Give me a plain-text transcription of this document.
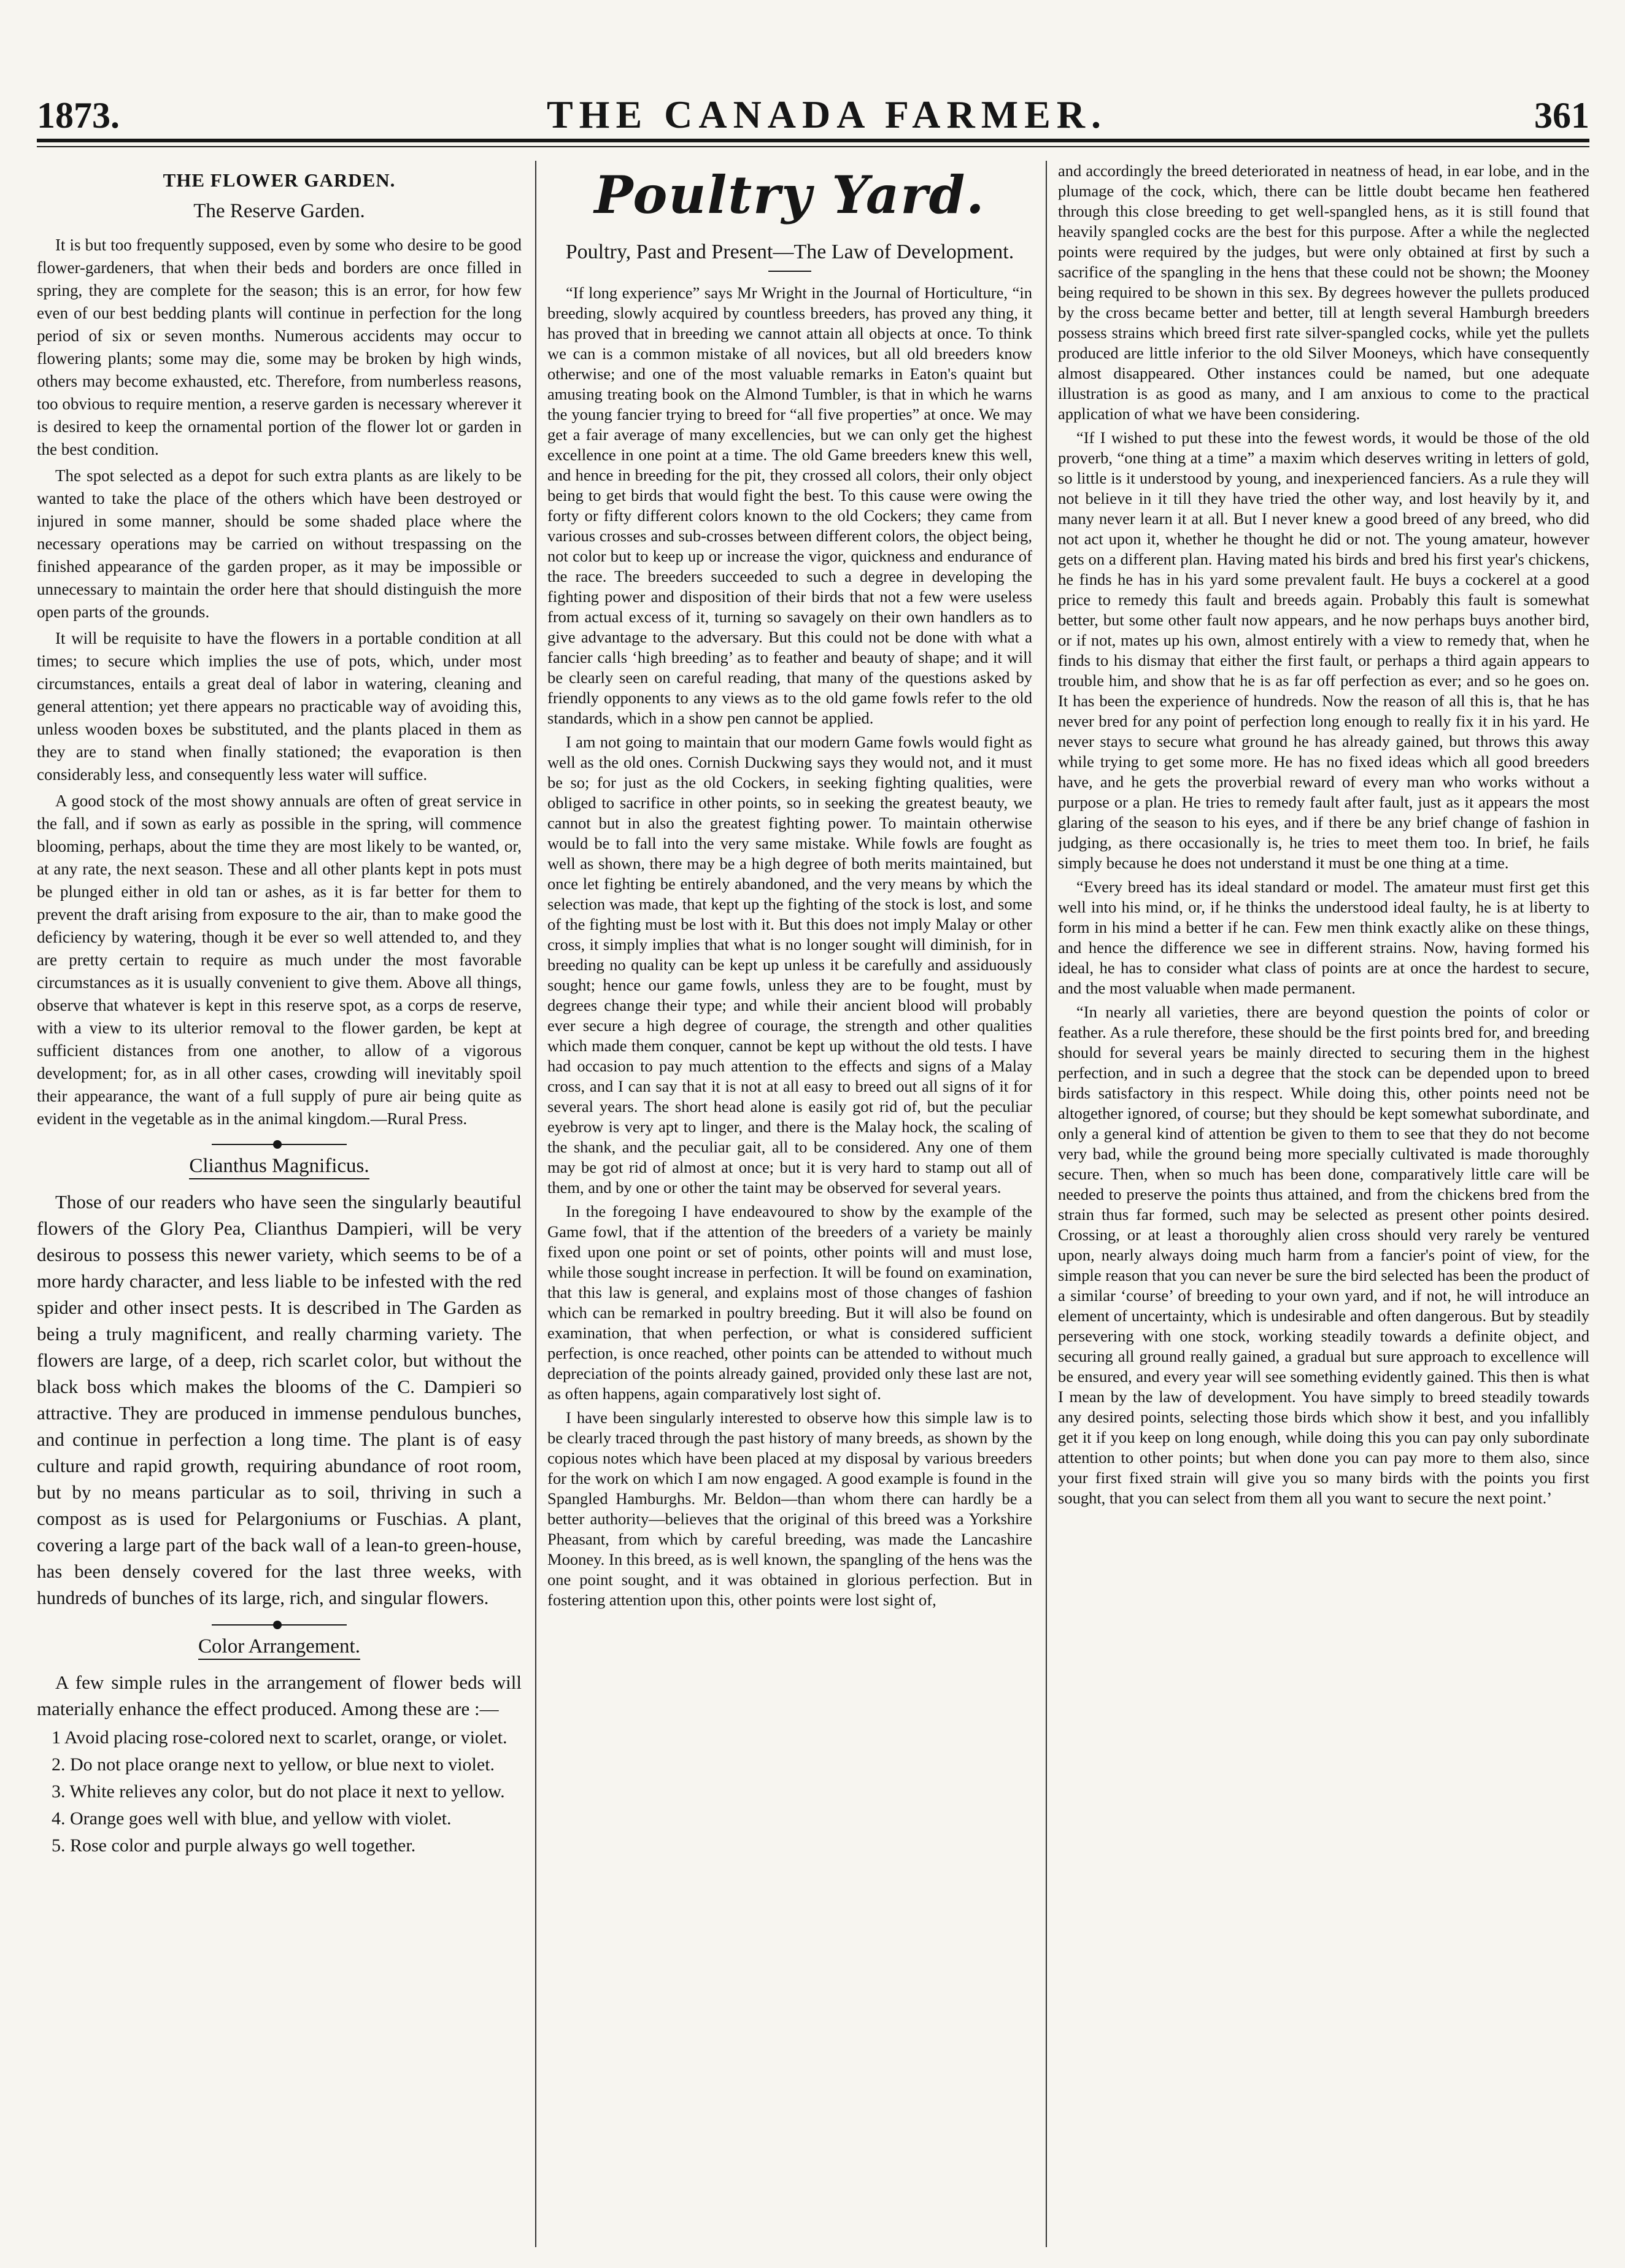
1873.	THE CANADA FARMER.	361
THE FLOWER GARDEN.
The Reserve Garden.

It is but too frequently supposed, even by some who desire to be good flower-gardeners, that when their beds and borders are once filled in spring, they are complete for the season; this is an error, for how few even of our best bedding plants will continue in perfection for the long period of six or seven months. Numerous accidents may occur to flowering plants; some may die, some may be broken by high winds, others may become exhausted, etc. Therefore, from numberless reasons, too obvious to require mention, a reserve garden is necessary wherever it is desired to keep the ornamental portion of the flower lot or garden in the best condition.

The spot selected as a depot for such extra plants as are likely to be wanted to take the place of the others which have been destroyed or injured in some manner, should be some shaded place where the necessary operations may be carried on without trespassing on the finished appearance of the garden proper, as it may be impossible or unnecessary to maintain the order here that should distinguish the more open parts of the grounds.

It will be requisite to have the flowers in a portable condition at all times; to secure which implies the use of pots, which, under most circumstances, entails a great deal of labor in watering, cleaning and general attention; yet there appears no practicable way of avoiding this, unless wooden boxes be substituted, and the plants placed in them as they are to stand when finally stationed; the evaporation is then considerably less, and consequently less water will suffice.

A good stock of the most showy annuals are often of great service in the fall, and if sown as early as possible in the spring, will commence blooming, perhaps, about the time they are most likely to be wanted, or, at any rate, the next season. These and all other plants kept in pots must be plunged either in old tan or ashes, as it is far better for them to prevent the draft arising from exposure to the air, than to make good the deficiency by watering, though it be ever so well attended to, and they are pretty certain to require as much under the most favorable circumstances as it is usually convenient to give them. Above all things, observe that whatever is kept in this reserve spot, as a corps de reserve, with a view to its ulterior removal to the flower garden, be kept at sufficient distances from one another, to allow of a vigorous development; for, as in all other cases, crowding will inevitably spoil their appearance, the want of a full supply of pure air being quite as evident in the vegetable as in the animal kingdom.—Rural Press.

Clianthus Magnificus.

Those of our readers who have seen the singularly beautiful flowers of the Glory Pea, Clianthus Dampieri, will be very desirous to possess this newer variety, which seems to be of a more hardy character, and less liable to be infested with the red spider and other insect pests. It is described in The Garden as being a truly magnificent, and really charming variety. The flowers are large, of a deep, rich scarlet color, but without the black boss which makes the blooms of the C. Dampieri so attractive. They are produced in immense pendulous bunches, and continue in perfection a long time. The plant is of easy culture and rapid growth, requiring abundance of root room, but by no means particular as to soil, thriving in such a compost as is used for Pelargoniums or Fuschias. A plant, covering a large part of the back wall of a lean-to green-house, has been densely covered for the last three weeks, with hundreds of bunches of its large, rich, and singular flowers.

Color Arrangement.

A few simple rules in the arrangement of flower beds will materially enhance the effect produced. Among these are :—

1 Avoid placing rose-colored next to scarlet, orange, or violet.
2. Do not place orange next to yellow, or blue next to violet.
3. White relieves any color, but do not place it next to yellow.
4. Orange goes well with blue, and yellow with violet.
5. Rose color and purple always go well together.
Poultry Yard.
Poultry, Past and Present—The Law of Development.

“If long experience” says Mr Wright in the Journal of Horticulture, “in breeding, slowly acquired by countless breeders, has proved any thing, it has proved that in breeding we cannot attain all objects at once. To think we can is a common mistake of all novices, but all old breeders know otherwise; and one of the most valuable remarks in Eaton's quaint but amusing treating book on the Almond Tumbler, is that in which he warns the young fancier trying to breed for “all five properties” at once. We may get a fair average of many excellencies, but we can only get the highest excellence in one point at a time. The old Game breeders knew this well, and hence in breeding for the pit, they crossed all colors, their only object being to get birds that would fight the best. To this cause were owing the forty or fifty different colors known to the old Cockers; they came from various crosses and sub-crosses between different colors, the object being, not color but to keep up or increase the vigor, quickness and endurance of the race. The breeders succeeded to such a degree in developing the fighting power and disposition of their birds that not a few were useless from actual excess of it, turning so savagely on their own handlers as to give advantage to the adversary. But this could not be done with what a fancier calls ‘high breeding’ as to feather and beauty of shape; and it will be clearly seen on careful reading, that many of the questions asked by friendly opponents to any views as to the old game fowls refer to the old standards, which in a show pen cannot be applied.

I am not going to maintain that our modern Game fowls would fight as well as the old ones. Cornish Duckwing says they would not, and it must be so; for just as the old Cockers, in seeking fighting qualities, were obliged to sacrifice in other points, so in seeking the greatest beauty, we cannot but in also the greatest fighting power. To maintain otherwise would be to fall into the very same mistake. While fowls are fought as well as shown, there may be a high degree of both merits maintained, but once let fighting be entirely abandoned, and the very means by which the selection was made, that kept up the fighting of the stock is lost, and some of the fighting must be lost with it. But this does not imply Malay or other cross, it simply implies that what is no longer sought will diminish, for in breeding no quality can be kept up unless it be carefully and assiduously sought; hence our game fowls, unless they are to be fought, must by degrees change their type; and while their ancient blood will probably ever secure a high degree of courage, the strength and other qualities which made them conquer, cannot be kept up without the old tests. I have had occasion to pay much attention to the effects and signs of a Malay cross, and I can say that it is not at all easy to breed out all signs of it for several years. The short head alone is easily got rid of, but the peculiar eyebrow is very apt to linger, and there is the Malay hock, the scaling of the shank, and the peculiar gait, all to be considered. Any one of them may be got rid of almost at once; but it is very hard to stamp out all of them, and by one or other the taint may be observed for several years.

In the foregoing I have endeavoured to show by the example of the Game fowl, that if the attention of the breeders of a variety be mainly fixed upon one point or set of points, other points will and must lose, while those sought increase in perfection. It will be found on examination, that this law is general, and explains most of those changes of fashion which can be remarked in poultry breeding. But it will also be found on examination, that when perfection, or what is considered sufficient perfection, is once reached, other points can be attended to without much depreciation of the points already gained, provided only these last are not, as often happens, again comparatively lost sight of.

I have been singularly interested to observe how this simple law is to be clearly traced through the past history of many breeds, as shown by the copious notes which have been placed at my disposal by various breeders for the work on which I am now engaged. A good example is found in the Spangled Hamburghs. Mr. Beldon—than whom there can hardly be a better authority—believes that the original of this breed was a Yorkshire Pheasant, from which by careful breeding, was made the Lancashire Mooney. In this breed, as is well known, the spangling of the hens was the one point sought, and it was obtained in glorious perfection. But in fostering attention upon this, other points were lost sight of,

and accordingly the breed deteriorated in neatness of head, in ear lobe, and in the plumage of the cock, which, there can be little doubt became hen feathered through this close breeding to get well-spangled hens, as it is still found that heavily spangled cocks are the best for this purpose. After a while the neglected points were required by the judges, but were only obtained at first by such a sacrifice of the spangling in the hens that these could not be shown; the Mooney being required to be shown in this sex. By degrees however the pullets produced by the cross became better and better, till at length several Hamburgh breeders possess strains which breed first rate silver-spangled cocks, while yet the pullets produced are little inferior to the old Silver Mooneys, which have consequently almost disappeared. Other instances could be named, but one adequate illustration is as good as many, and I am anxious to come to the practical application of what we have been considering.

“If I wished to put these into the fewest words, it would be those of the old proverb, “one thing at a time” a maxim which deserves writing in letters of gold, so little is it understood by young, and inexperienced fanciers. As a rule they will not believe in it till they have tried the other way, and lost heavily by it, and many never learn it at all. But I never knew a good breed of any breed, who did not act upon it, whether he thought he did or not. The young amateur, however gets on a different plan. Having mated his birds and bred his first year's chickens, he finds he has in his yard some prevalent fault. He buys a cockerel at a good price to remedy this fault and breeds again. Probably this fault is somewhat better, but some other fault now appears, and he now perhaps buys another bird, or if not, mates up his own, almost entirely with a view to remedy that, when he finds to his dismay that either the first fault, or perhaps a third again appears to trouble him, and show that he is as far off perfection as ever; and so he goes on. It has been the experience of hundreds. Now the reason of all this is, that he has never bred for any point of perfection long enough to really fix it in his yard. He never stays to secure what ground he has already gained, but throws this away while trying to get some more. He has no fixed ideas which all good breeders have, and he gets the proverbial reward of every man who works without a purpose or a plan. He tries to remedy fault after fault, just as it appears the most glaring of the season to his eyes, and if there be any brief change of fashion in judging, as there occasionally is, he tries to meet them too. In brief, he fails simply because he does not understand it must be one thing at a time.

“Every breed has its ideal standard or model. The amateur must first get this well into his mind, or, if he thinks the understood ideal faulty, he is at liberty to form in his mind a better if he can. Few men think exactly alike on these things, and hence the difference we see in different strains. Now, having formed his ideal, he has to consider what class of points are at once the hardest to secure, and the most valuable when made permanent.

“In nearly all varieties, there are beyond question the points of color or feather. As a rule therefore, these should be the first points bred for, and breeding should for several years be mainly directed to securing them in the highest perfection, and in such a degree that the stock can be depended upon to breed birds satisfactory in this respect. While doing this, other points need not be altogether ignored, of course; but they should be kept somewhat subordinate, and only a general kind of attention be given to them to see that they do not become very bad, while the ground being more specially cultivated is made thoroughly secure. Then, when so much has been done, comparatively little care will be needed to preserve the points thus attained, and from the chickens bred from the strain thus far formed, such may be selected as present other points desired. Crossing, or at least a thoroughly alien cross should very rarely be ventured upon, nearly always doing much harm from a fancier's point of view, for the simple reason that you can never be sure the bird selected has been the product of a similar ‘course’ of breeding to your own yard, and if not, he will introduce an element of uncertainty, which is undesirable and often dangerous. But by steadily persevering with one stock, working steadily towards a definite object, and securing all ground really gained, a gradual but sure approach to excellence will be ensured, and every year will see something evidently gained. This then is what I mean by the law of development. You have simply to breed steadily towards any desired points, selecting those birds which show it best, and you infallibly get it if you keep on long enough, while doing this you can pay only subordinate attention to other points; but when done you can pay more to them also, since your first fixed strain will give you so many birds with the points you first sought, that you can select from them all you want to secure the next point.’
